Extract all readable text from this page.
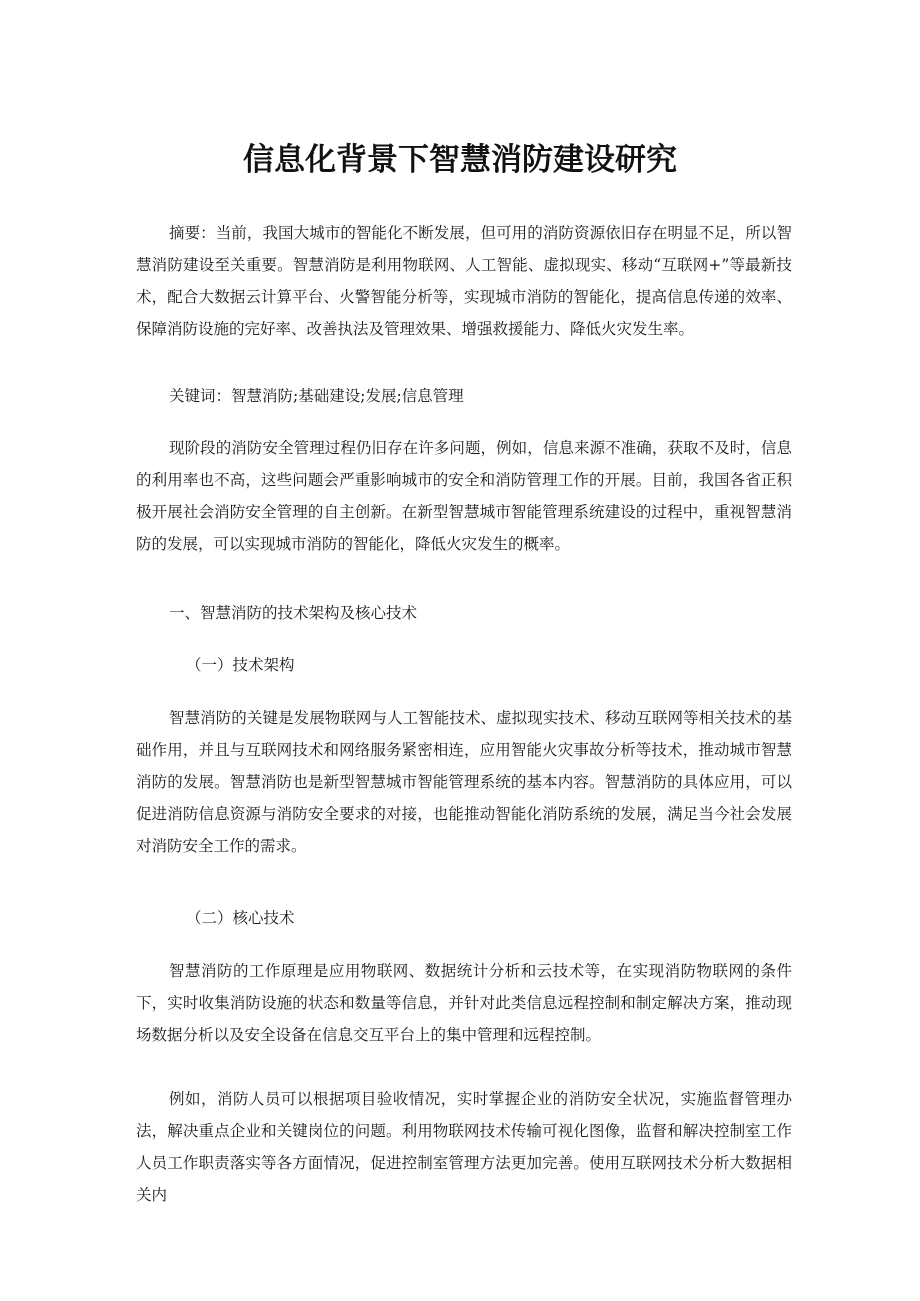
信息化背景下智慧消防建设研究

摘要：当前，我国大城市的智能化不断发展，但可用的消防资源依旧存在明显不足，所以智慧消防建设至关重要。智慧消防是利用物联网、人工智能、虚拟现实、移动“互联网+”等最新技术，配合大数据云计算平台、火警智能分析等，实现城市消防的智能化，提高信息传递的效率、保障消防设施的完好率、改善执法及管理效果、增强救援能力、降低火灾发生率。

关键词：智慧消防;基础建设;发展;信息管理

现阶段的消防安全管理过程仍旧存在许多问题，例如，信息来源不准确，获取不及时，信息的利用率也不高，这些问题会严重影响城市的安全和消防管理工作的开展。目前，我国各省正积极开展社会消防安全管理的自主创新。在新型智慧城市智能管理系统建设的过程中，重视智慧消防的发展，可以实现城市消防的智能化，降低火灾发生的概率。

一、智慧消防的技术架构及核心技术

（一）技术架构

智慧消防的关键是发展物联网与人工智能技术、虚拟现实技术、移动互联网等相关技术的基础作用，并且与互联网技术和网络服务紧密相连，应用智能火灾事故分析等技术，推动城市智慧消防的发展。智慧消防也是新型智慧城市智能管理系统的基本内容。智慧消防的具体应用，可以促进消防信息资源与消防安全要求的对接，也能推动智能化消防系统的发展，满足当今社会发展对消防安全工作的需求。

（二）核心技术

智慧消防的工作原理是应用物联网、数据统计分析和云技术等，在实现消防物联网的条件下，实时收集消防设施的状态和数量等信息，并针对此类信息远程控制和制定解决方案，推动现场数据分析以及安全设备在信息交互平台上的集中管理和远程控制。

例如，消防人员可以根据项目验收情况，实时掌握企业的消防安全状况，实施监督管理办法，解决重点企业和关键岗位的问题。利用物联网技术传输可视化图像，监督和解决控制室工作人员工作职责落实等各方面情况，促进控制室管理方法更加完善。使用互联网技术分析大数据相关内
